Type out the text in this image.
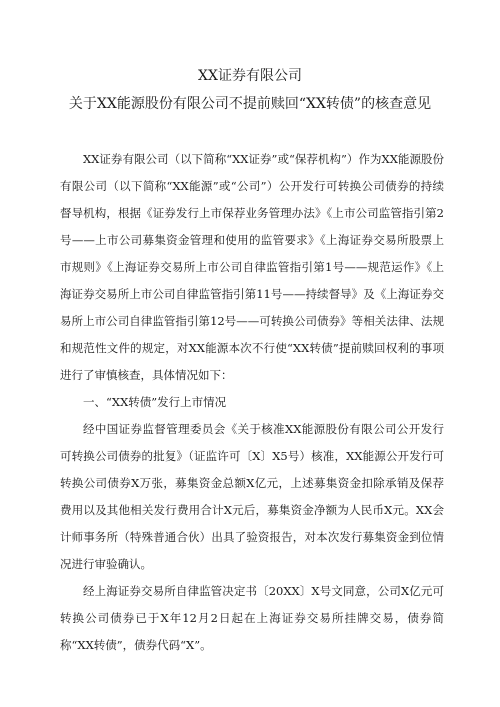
XX证券有限公司
关于XX能源股份有限公司不提前赎回“XX转债”的核查意见

XX证券有限公司（以下简称“XX证券”或“保荐机构”）作为XX能源股份有限公司（以下简称“XX能源”或“公司”）公开发行可转换公司债券的持续督导机构，根据《证券发行上市保荐业务管理办法》《上市公司监管指引第2号——上市公司募集资金管理和使用的监管要求》《上海证券交易所股票上市规则》《上海证券交易所上市公司自律监管指引第1号——规范运作》《上海证券交易所上市公司自律监管指引第11号——持续督导》及《上海证券交易所上市公司自律监管指引第12号——可转换公司债券》等相关法律、法规和规范性文件的规定，对XX能源本次不行使“XX转债”提前赎回权利的事项进行了审慎核查，具体情况如下：

一、“XX转债”发行上市情况

经中国证券监督管理委员会《关于核准XX能源股份有限公司公开发行可转换公司债券的批复》（证监许可〔X〕X5号）核准，XX能源公开发行可转换公司债券X万张，募集资金总额X亿元，上述募集资金扣除承销及保荐费用以及其他相关发行费用合计X元后，募集资金净额为人民币X元。XX会计师事务所（特殊普通合伙）出具了验资报告，对本次发行募集资金到位情况进行审验确认。

经上海证券交易所自律监管决定书〔20XX〕X号文同意，公司X亿元可转换公司债券已于X年12月2日起在上海证券交易所挂牌交易，债券简称“XX转债”，债券代码“X”。
